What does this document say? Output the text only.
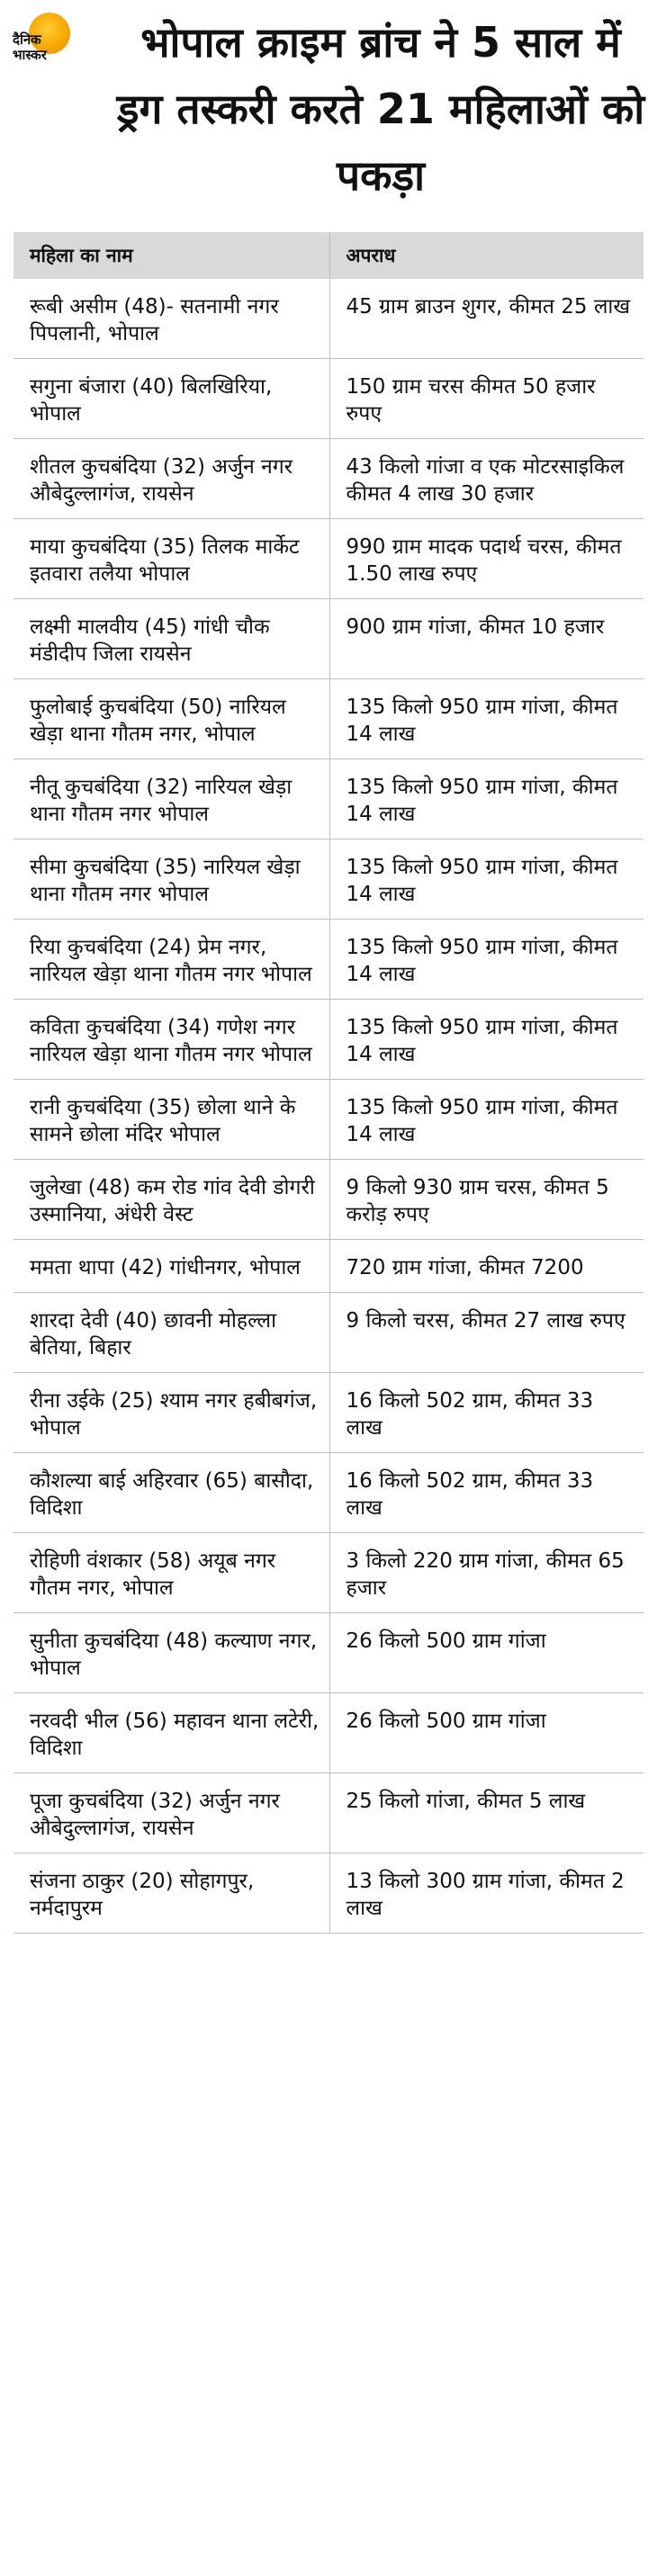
दैनिक
भास्कर	भोपाल क्राइम ब्रांच ने 5 साल में ड्रग तस्करी करते 21 महिलाओं को पकड़ा
महिला का नाम	अपराध
रूबी असीम (48)- सतनामी नगर पिपलानी, भोपाल	45 ग्राम ब्राउन शुगर, कीमत 25 लाख
सगुना बंजारा (40) बिलखिरिया, भोपाल	150 ग्राम चरस कीमत 50 हजार रुपए
शीतल कुचबंदिया (32) अर्जुन नगर औबेदुल्लागंज, रायसेन	43 किलो गांजा व एक मोटरसाइकिल कीमत 4 लाख 30 हजार
माया कुचबंदिया (35) तिलक मार्केट इतवारा तलैया भोपाल	990 ग्राम मादक पदार्थ चरस, कीमत 1.50 लाख रुपए
लक्ष्मी मालवीय (45) गांधी चौक मंडीदीप जिला रायसेन	900 ग्राम गांजा, कीमत 10 हजार
फुलोबाई कुचबंदिया (50) नारियल खेड़ा थाना गौतम नगर, भोपाल	135 किलो 950 ग्राम गांजा, कीमत 14 लाख
नीतू कुचबंदिया (32) नारियल खेड़ा थाना गौतम नगर भोपाल	135 किलो 950 ग्राम गांजा, कीमत 14 लाख
सीमा कुचबंदिया (35) नारियल खेड़ा थाना गौतम नगर भोपाल	135 किलो 950 ग्राम गांजा, कीमत 14 लाख
रिया कुचबंदिया (24) प्रेम नगर, नारियल खेड़ा थाना गौतम नगर भोपाल	135 किलो 950 ग्राम गांजा, कीमत 14 लाख
कविता कुचबंदिया (34) गणेश नगर नारियल खेड़ा थाना गौतम नगर भोपाल	135 किलो 950 ग्राम गांजा, कीमत 14 लाख
रानी कुचबंदिया (35) छोला थाने के सामने छोला मंदिर भोपाल	135 किलो 950 ग्राम गांजा, कीमत 14 लाख
जुलेखा (48) कम रोड गांव देवी डोगरी उस्मानिया, अंधेरी वेस्ट	9 किलो 930 ग्राम चरस, कीमत 5 करोड़ रुपए
ममता थापा (42) गांधीनगर, भोपाल	720 ग्राम गांजा, कीमत 7200
शारदा देवी (40) छावनी मोहल्ला बेतिया, बिहार	9 किलो चरस, कीमत 27 लाख रुपए
रीना उईके (25) श्याम नगर हबीबगंज, भोपाल	16 किलो 502 ग्राम, कीमत 33 लाख
कौशल्या बाई अहिरवार (65) बासौदा, विदिशा	16 किलो 502 ग्राम, कीमत 33 लाख
रोहिणी वंशकार (58) अयूब नगर गौतम नगर, भोपाल	3 किलो 220 ग्राम गांजा, कीमत 65 हजार
सुनीता कुचबंदिया (48) कल्याण नगर, भोपाल	26 किलो 500 ग्राम गांजा
नरवदी भील (56) महावन थाना लटेरी, विदिशा	26 किलो 500 ग्राम गांजा
पूजा कुचबंदिया (32) अर्जुन नगर औबेदुल्लागंज, रायसेन	25 किलो गांजा, कीमत 5 लाख
संजना ठाकुर (20) सोहागपुर, नर्मदापुरम	13 किलो 300 ग्राम गांजा, कीमत 2 लाख
